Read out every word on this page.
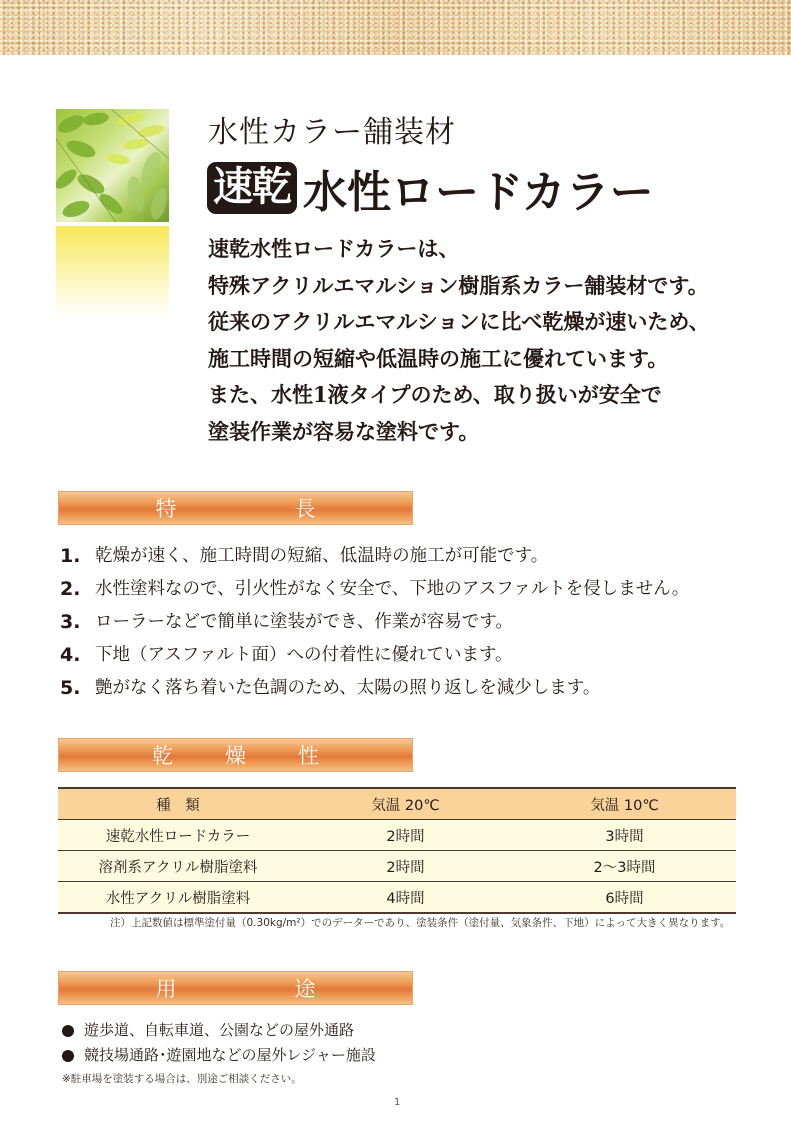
水性カラー舗装材
速乾 水性ロードカラー
速乾水性ロードカラーは、
特殊アクリルエマルション樹脂系カラー舗装材です。
従来のアクリルエマルションに比べ乾燥が速いため、
施工時間の短縮や低温時の施工に優れています。
また、水性1液タイプのため、取り扱いが安全で
塗装作業が容易な塗料です。
特	長
1. 乾燥が速く、施工時間の短縮、低温時の施工が可能です。
2. 水性塗料なので、引火性がなく安全で、下地のアスファルトを侵しません。
3. ローラーなどで簡単に塗装ができ、作業が容易です。
4. 下地（アスファルト面）への付着性に優れています。
5. 艶がなく落ち着いた色調のため、太陽の照り返しを減少します。
乾 燥 性
種　類	気温 20℃	気温 10℃
速乾水性ロードカラー	2時間	3時間
溶剤系アクリル樹脂塗料	2時間	2～3時間
水性アクリル樹脂塗料	4時間	6時間
注）上記数値は標準塗付量（0.30kg/m²）でのデーターであり、塗装条件（塗付量、気象条件、下地）によって大きく異なります。
用	途
遊歩道、自転車道、公園などの屋外通路
競技場通路･遊園地などの屋外レジャー施設
※駐車場を塗装する場合は、別途ご相談ください。
1
